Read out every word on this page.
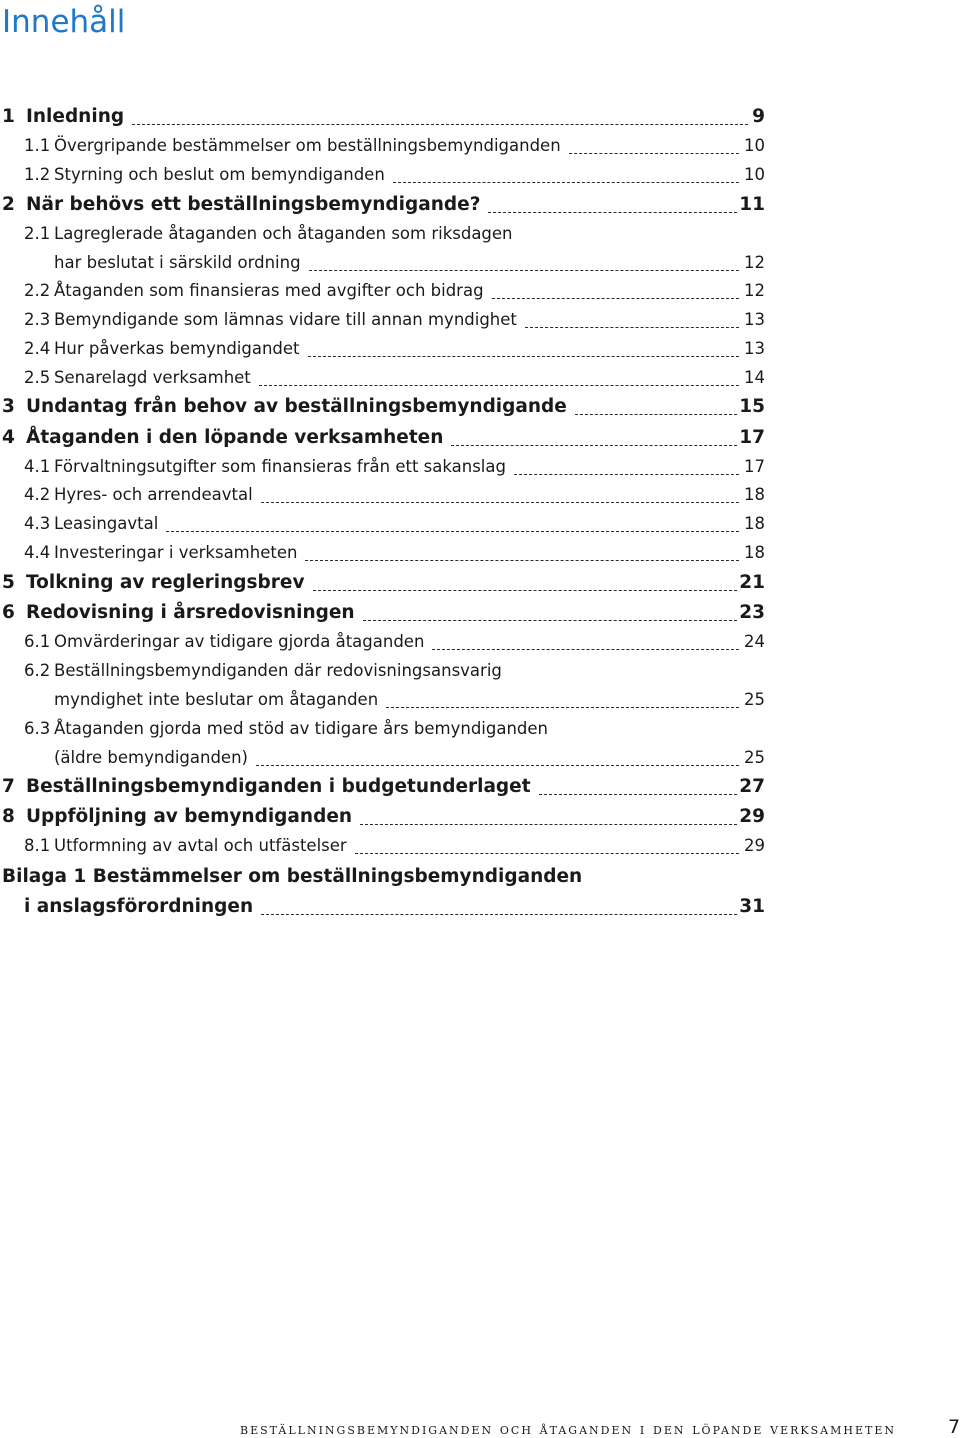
Innehåll
1 Inledning	9
1.1 Övergripande bestämmelser om beställningsbemyndiganden	10
1.2 Styrning och beslut om bemyndiganden	10
2 När behövs ett beställningsbemyndigande?	11
2.1 Lagreglerade åtaganden och åtaganden som riksdagen
har beslutat i särskild ordning	12
2.2 Åtaganden som finansieras med avgifter och bidrag	12
2.3 Bemyndigande som lämnas vidare till annan myndighet	13
2.4 Hur påverkas bemyndigandet	13
2.5 Senarelagd verksamhet	14
3 Undantag från behov av beställningsbemyndigande	15
4 Åtaganden i den löpande verksamheten	17
4.1 Förvaltningsutgifter som finansieras från ett sakanslag	17
4.2 Hyres- och arrendeavtal	18
4.3 Leasingavtal	18
4.4 Investeringar i verksamheten	18
5 Tolkning av regleringsbrev	21
6 Redovisning i årsredovisningen	23
6.1 Omvärderingar av tidigare gjorda åtaganden	24
6.2 Beställningsbemyndiganden där redovisningsansvarig
myndighet inte beslutar om åtaganden	25
6.3 Åtaganden gjorda med stöd av tidigare års bemyndiganden
(äldre bemyndiganden)	25
7 Beställningsbemyndiganden i budgetunderlaget	27
8 Uppföljning av bemyndiganden	29
8.1 Utformning av avtal och utfästelser	29
Bilaga 1 Bestämmelser om beställningsbemyndiganden
i anslagsförordningen	31
beställningsbemyndiganden och åtaganden i den löpande verksamheten	7
